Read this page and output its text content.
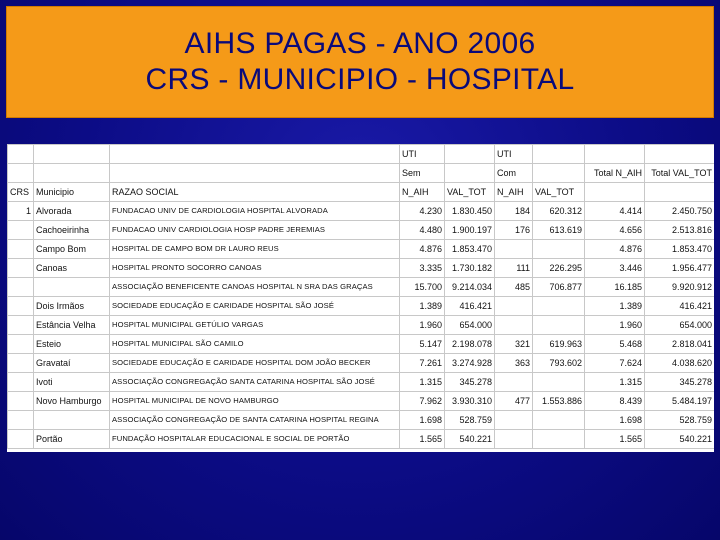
AIHS PAGAS - ANO 2006
CRS - MUNICIPIO - HOSPITAL
			UTI		UTI			
			Sem		Com		Total N_AIH	Total VAL_TOT
CRS	Municipio	RAZAO SOCIAL	N_AIH	VAL_TOT	N_AIH	VAL_TOT		
1	Alvorada	FUNDACAO UNIV DE CARDIOLOGIA HOSPITAL ALVORADA	4.230	1.830.450	184	620.312	4.414	2.450.750
	Cachoeirinha	FUNDACAO UNIV CARDIOLOGIA HOSP PADRE JEREMIAS	4.480	1.900.197	176	613.619	4.656	2.513.816
	Campo Bom	HOSPITAL DE CAMPO BOM DR LAURO REUS	4.876	1.853.470			4.876	1.853.470
	Canoas	HOSPITAL PRONTO SOCORRO CANOAS	3.335	1.730.182	111	226.295	3.446	1.956.477
		ASSOCIAÇÃO BENEFICENTE CANOAS HOSPITAL N SRA DAS GRAÇAS	15.700	9.214.034	485	706.877	16.185	9.920.912
	Dois Irmãos	SOCIEDADE EDUCAÇÃO E CARIDADE HOSPITAL SÃO JOSÉ	1.389	416.421			1.389	416.421
	Estância Velha	HOSPITAL MUNICIPAL GETÚLIO VARGAS	1.960	654.000			1.960	654.000
	Esteio	HOSPITAL MUNICIPAL SÃO CAMILO	5.147	2.198.078	321	619.963	5.468	2.818.041
	Gravataí	SOCIEDADE EDUCAÇÃO E CARIDADE HOSPITAL DOM JOÃO BECKER	7.261	3.274.928	363	793.602	7.624	4.038.620
	Ivoti	ASSOCIAÇÃO CONGREGAÇÃO SANTA CATARINA HOSPITAL SÃO JOSÉ	1.315	345.278			1.315	345.278
	Novo Hamburgo	HOSPITAL MUNICIPAL DE NOVO HAMBURGO	7.962	3.930.310	477	1.553.886	8.439	5.484.197
		ASSOCIAÇÃO CONGREGAÇÃO DE SANTA CATARINA HOSPITAL REGINA	1.698	528.759			1.698	528.759
	Portão	FUNDAÇÃO HOSPITALAR EDUCACIONAL E SOCIAL DE PORTÃO	1.565	540.221			1.565	540.221
